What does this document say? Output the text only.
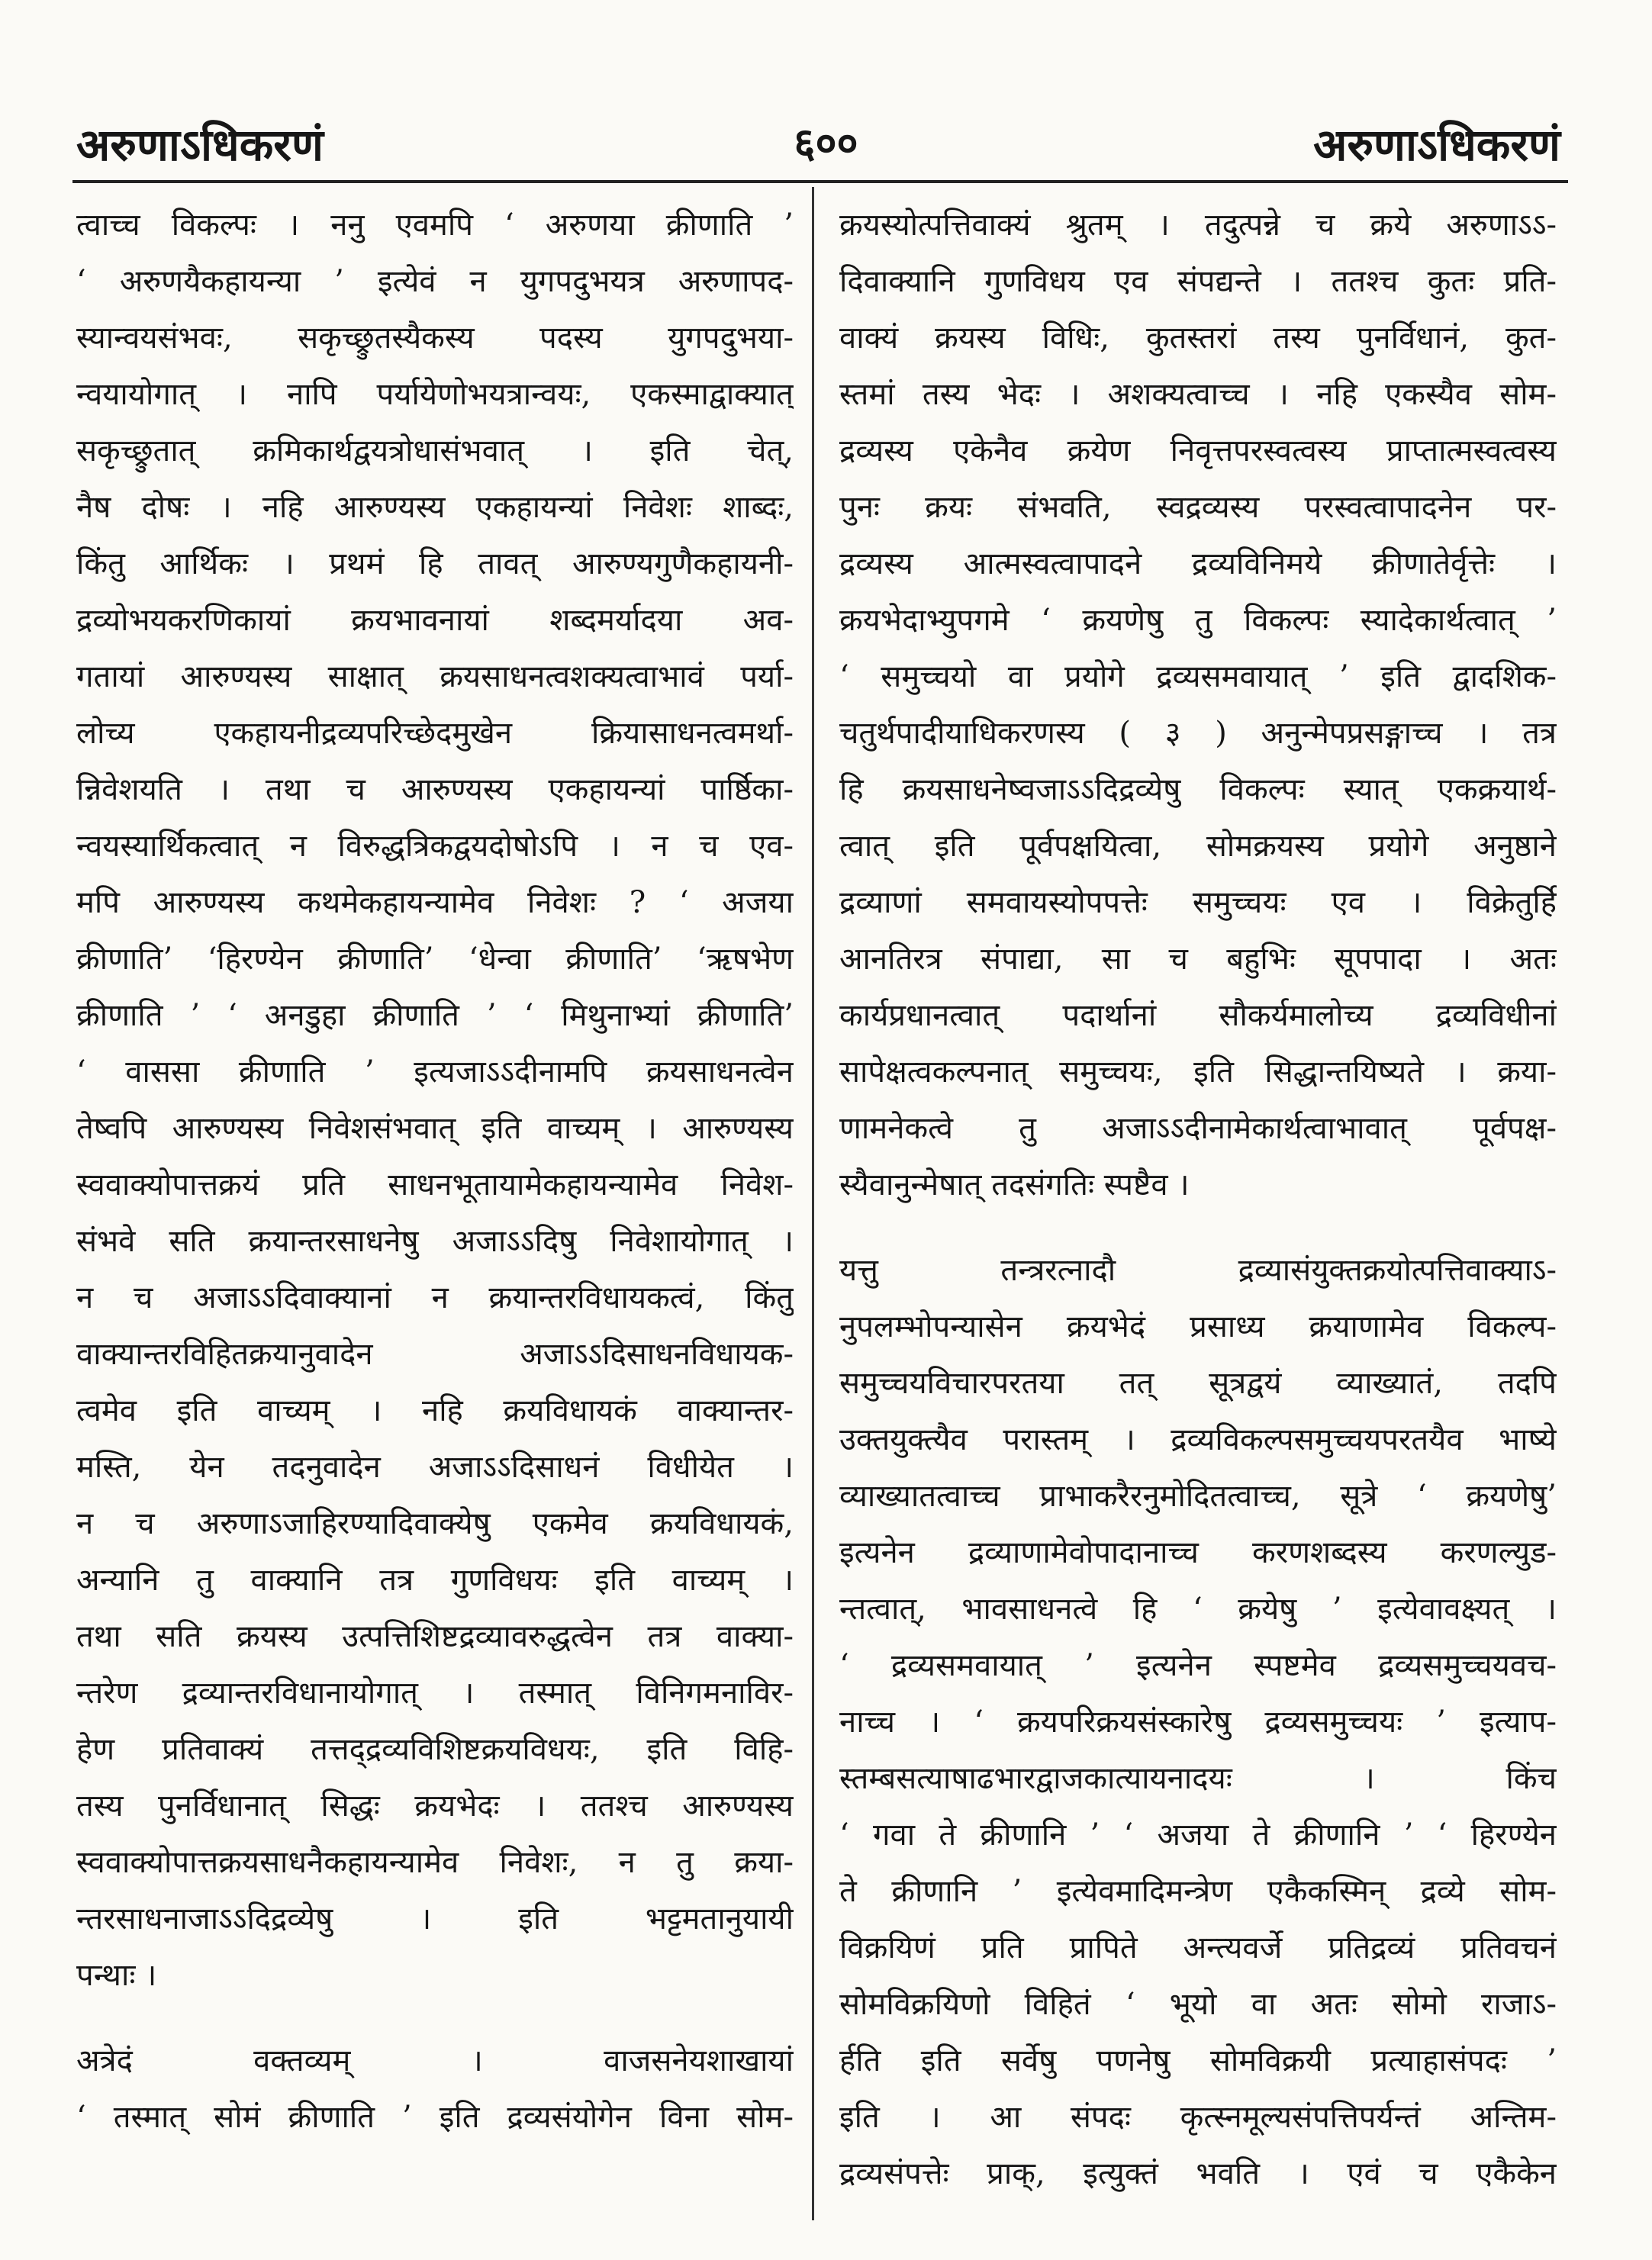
अरुणाऽधिकरणं	६००	अरुणाऽधिकरणं
त्वाच्च विकल्पः । ननु एवमपि ‘ अरुणया क्रीणाति ’
‘ अरुणयैकहायन्या ’ इत्येवं न युगपदुभयत्र अरुणापद-
स्यान्वयसंभवः, सकृच्छ्रुतस्यैकस्य पदस्य युगपदुभया-
न्वयायोगात् । नापि पर्यायेणोभयत्रान्वयः, एकस्माद्वाक्यात्
सकृच्छ्रुतात् क्रमिकार्थद्वयत्रोधासंभवात् । इति चेत्,
नैष दोषः । नहि आरुण्यस्य एकहायन्यां निवेशः शाब्दः,
किंतु आर्थिकः । प्रथमं हि तावत् आरुण्यगुणैकहायनी-
द्रव्योभयकरणिकायां क्रयभावनायां शब्दमर्यादया अव-
गतायां आरुण्यस्य साक्षात् क्रयसाधनत्वशक्यत्वाभावं पर्या-
लोच्य एकहायनीद्रव्यपरिच्छेदमुखेन क्रियासाधनत्वमर्था-
न्निवेशयति । तथा च आरुण्यस्य एकहायन्यां पार्ष्ठिका-
न्वयस्यार्थिकत्वात् न विरुद्धत्रिकद्वयदोषोऽपि । न च एव-
मपि आरुण्यस्य कथमेकहायन्यामेव निवेशः ? ‘ अजया
क्रीणाति’ ‘हिरण्येन क्रीणाति’ ‘धेन्वा क्रीणाति’ ‘ऋषभेण
क्रीणाति ’ ‘ अनडुहा क्रीणाति ’ ‘ मिथुनाभ्यां क्रीणाति’
‘ वाससा क्रीणाति ’ इत्यजाऽऽदीनामपि क्रयसाधनत्वेन
तेष्वपि आरुण्यस्य निवेशसंभवात् इति वाच्यम् । आरुण्यस्य
स्ववाक्योपात्तक्रयं प्रति साधनभूतायामेकहायन्यामेव निवेश-
संभवे सति क्रयान्तरसाधनेषु अजाऽऽदिषु निवेशायोगात् ।
न च अजाऽऽदिवाक्यानां न क्रयान्तरविधायकत्वं, किंतु
वाक्यान्तरविहितक्रयानुवादेन अजाऽऽदिसाधनविधायक-
त्वमेव इति वाच्यम् । नहि क्रयविधायकं वाक्यान्तर-
मस्ति, येन तदनुवादेन अजाऽऽदिसाधनं विधीयेत ।
न च अरुणाऽजाहिरण्यादिवाक्येषु एकमेव क्रयविधायकं,
अन्यानि तु वाक्यानि तत्र गुणविधयः इति वाच्यम् ।
तथा सति क्रयस्य उत्पत्तिशिष्टद्रव्यावरुद्धत्वेन तत्र वाक्या-
न्तरेण द्रव्यान्तरविधानायोगात् । तस्मात् विनिगमनाविर-
हेण प्रतिवाक्यं तत्तद्द्रव्यविशिष्टक्रयविधयः, इति विहि-
तस्य पुनर्विधानात् सिद्धः क्रयभेदः । ततश्च आरुण्यस्य
स्ववाक्योपात्तक्रयसाधनैकहायन्यामेव निवेशः, न तु क्रया-
न्तरसाधनाजाऽऽदिद्रव्येषु । इति भट्टमतानुयायी
पन्थाः ।
अत्रेदं वक्तव्यम् । वाजसनेयशाखायां
‘ तस्मात् सोमं क्रीणाति ’ इति द्रव्यसंयोगेन विना सोम-
क्रयस्योत्पत्तिवाक्यं श्रुतम् । तदुत्पन्ने च क्रये अरुणाऽऽ-
दिवाक्यानि गुणविधय एव संपद्यन्ते । ततश्च कुतः प्रति-
वाक्यं क्रयस्य विधिः, कुतस्तरां तस्य पुनर्विधानं, कुत-
स्तमां तस्य भेदः । अशक्यत्वाच्च । नहि एकस्यैव सोम-
द्रव्यस्य एकेनैव क्रयेण निवृत्तपरस्वत्वस्य प्राप्तात्मस्वत्वस्य
पुनः क्रयः संभवति, स्वद्रव्यस्य परस्वत्वापादनेन पर-
द्रव्यस्य आत्मस्वत्वापादने द्रव्यविनिमये क्रीणातेर्वृत्तेः ।
क्रयभेदाभ्युपगमे ‘ क्रयणेषु तु विकल्पः स्यादेकार्थत्वात् ’
‘ समुच्चयो वा प्रयोगे द्रव्यसमवायात् ’ इति द्वादशिक-
चतुर्थपादीयाधिकरणस्य ( ३ ) अनुन्मेपप्रसङ्गाच्च । तत्र
हि क्रयसाधनेष्वजाऽऽदिद्रव्येषु विकल्पः स्यात् एकक्रयार्थ-
त्वात् इति पूर्वपक्षयित्वा, सोमक्रयस्य प्रयोगे अनुष्ठाने
द्रव्याणां समवायस्योपपत्तेः समुच्चयः एव । विक्रेतुर्हि
आनतिरत्र संपाद्या, सा च बहुभिः सूपपादा । अतः
कार्यप्रधानत्वात् पदार्थानां सौकर्यमालोच्य द्रव्यविधीनां
सापेक्षत्वकल्पनात् समुच्चयः, इति सिद्धान्तयिष्यते । क्रया-
णामनेकत्वे तु अजाऽऽदीनामेकार्थत्वाभावात् पूर्वपक्ष-
स्यैवानुन्मेषात् तदसंगतिः स्पष्टैव ।
यत्तु तन्त्ररत्नादौ द्रव्यासंयुक्तक्रयोत्पत्तिवाक्याऽ-
नुपलम्भोपन्यासेन क्रयभेदं प्रसाध्य क्रयाणामेव विकल्प-
समुच्चयविचारपरतया तत् सूत्रद्वयं व्याख्यातं, तदपि
उक्तयुक्त्यैव परास्तम् । द्रव्यविकल्पसमुच्चयपरतयैव भाष्ये
व्याख्यातत्वाच्च प्राभाकरैरनुमोदितत्वाच्च, सूत्रे ‘ क्रयणेषु’
इत्यनेन द्रव्याणामेवोपादानाच्च करणशब्दस्य करणल्युड-
न्तत्वात्, भावसाधनत्वे हि ‘ क्रयेषु ’ इत्येवावक्ष्यत् ।
‘ द्रव्यसमवायात् ’ इत्यनेन स्पष्टमेव द्रव्यसमुच्चयवच-
नाच्च । ‘ क्रयपरिक्रयसंस्कारेषु द्रव्यसमुच्चयः ’ इत्याप-
स्तम्बसत्याषाढभारद्वाजकात्यायनादयः । किंच
‘ गवा ते क्रीणानि ’ ‘ अजया ते क्रीणानि ’ ‘ हिरण्येन
ते क्रीणानि ’ इत्येवमादिमन्त्रेण एकैकस्मिन् द्रव्ये सोम-
विक्रयिणं प्रति प्रापिते अन्त्यवर्जे प्रतिद्रव्यं प्रतिवचनं
सोमविक्रयिणो विहितं ‘ भूयो वा अतः सोमो राजाऽ-
र्हति इति सर्वेषु पणनेषु सोमविक्रयी प्रत्याहासंपदः ’
इति । आ संपदः कृत्स्नमूल्यसंपत्तिपर्यन्तं अन्तिम-
द्रव्यसंपत्तेः प्राक्, इत्युक्तं भवति । एवं च एकैकेन
